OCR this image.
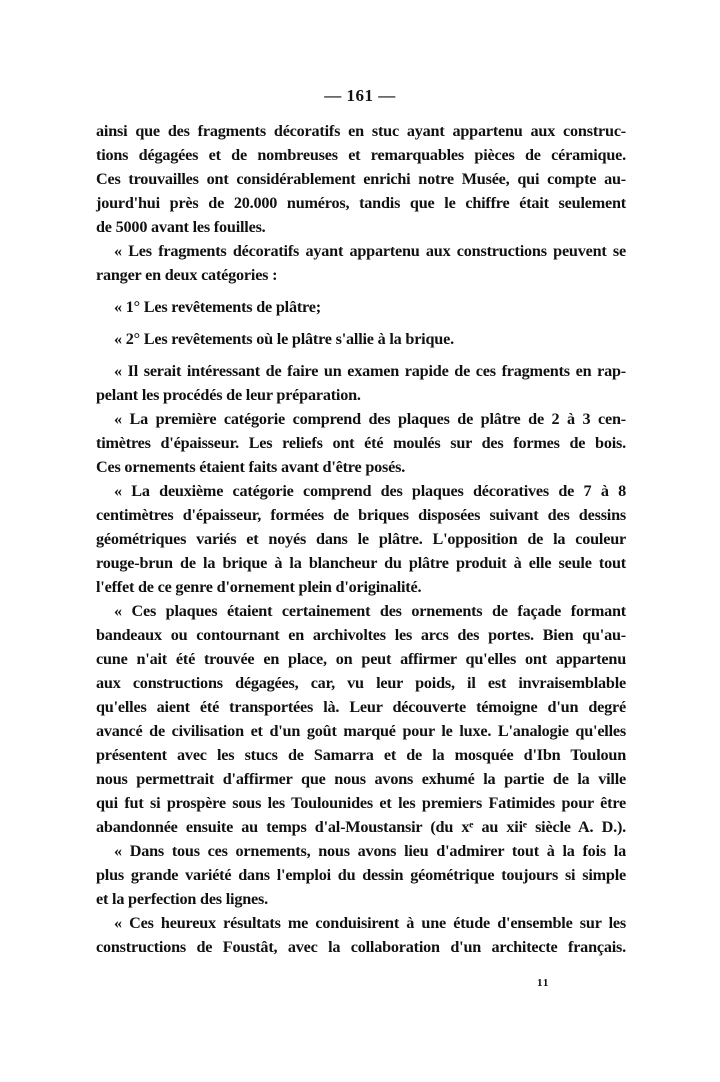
— 161 —
ainsi que des fragments décoratifs en stuc ayant appartenu aux construc-
tions dégagées et de nombreuses et remarquables pièces de céramique.
Ces trouvailles ont considérablement enrichi notre Musée, qui compte au-
jourd'hui près de 20.000 numéros, tandis que le chiffre était seulement
de 5000 avant les fouilles.
« Les fragments décoratifs ayant appartenu aux constructions peuvent se
ranger en deux catégories :
« 1° Les revêtements de plâtre;
« 2° Les revêtements où le plâtre s'allie à la brique.
« Il serait intéressant de faire un examen rapide de ces fragments en rap-
pelant les procédés de leur préparation.
« La première catégorie comprend des plaques de plâtre de 2 à 3 cen-
timètres d'épaisseur. Les reliefs ont été moulés sur des formes de bois.
Ces ornements étaient faits avant d'être posés.
« La deuxième catégorie comprend des plaques décoratives de 7 à 8
centimètres d'épaisseur, formées de briques disposées suivant des dessins
géométriques variés et noyés dans le plâtre. L'opposition de la couleur
rouge-brun de la brique à la blancheur du plâtre produit à elle seule tout
l'effet de ce genre d'ornement plein d'originalité.
« Ces plaques étaient certainement des ornements de façade formant
bandeaux ou contournant en archivoltes les arcs des portes. Bien qu'au-
cune n'ait été trouvée en place, on peut affirmer qu'elles ont appartenu
aux constructions dégagées, car, vu leur poids, il est invraisemblable
qu'elles aient été transportées là. Leur découverte témoigne d'un degré
avancé de civilisation et d'un goût marqué pour le luxe. L'analogie qu'elles
présentent avec les stucs de Samarra et de la mosquée d'Ibn Touloun
nous permettrait d'affirmer que nous avons exhumé la partie de la ville
qui fut si prospère sous les Toulounides et les premiers Fatimides pour être
abandonnée ensuite au temps d'al-Moustansir (du xᵉ au xiiᵉ siècle A. D.).
« Dans tous ces ornements, nous avons lieu d'admirer tout à la fois la
plus grande variété dans l'emploi du dessin géométrique toujours si simple
et la perfection des lignes.
« Ces heureux résultats me conduisirent à une étude d'ensemble sur les
constructions de Foustât, avec la collaboration d'un architecte français.
11
